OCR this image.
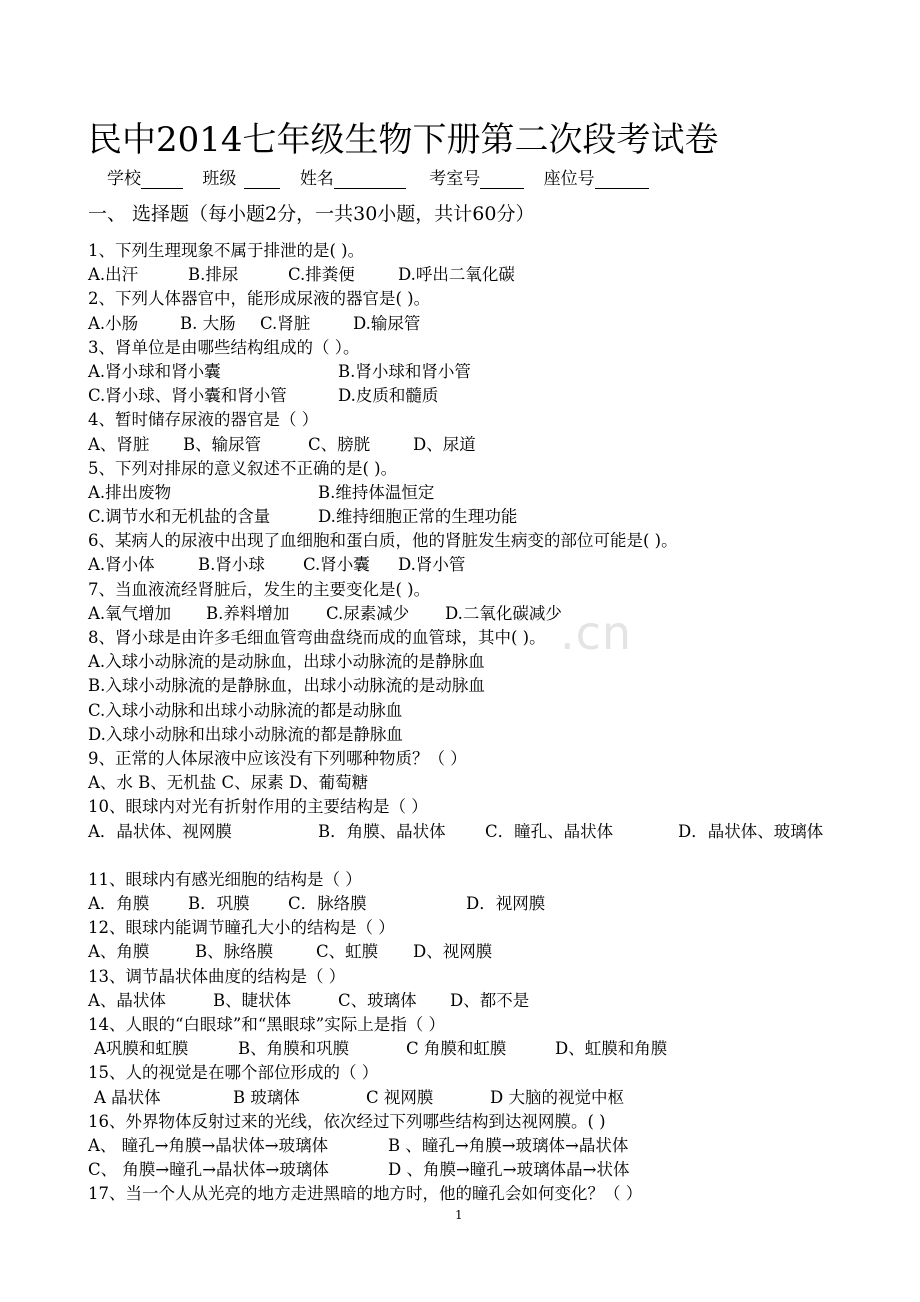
民中2014七年级生物下册第二次段考试卷
学校	班级	姓名	考室号	座位号
一、 选择题（每小题2分，一共30小题，共计60分）
.cn
1、下列生理现象不属于排泄的是( )。
A.出汗	B.排尿	C.排粪便	D.呼出二氧化碳
2、下列人体器官中，能形成尿液的器官是( )。
A.小肠	B. 大肠 C.肾脏	D.输尿管
3、肾单位是由哪些结构组成的（ ）。
A.肾小球和肾小囊	B.肾小球和肾小管
C.肾小球、肾小囊和肾小管	D.皮质和髓质
4、暂时储存尿液的器官是（ ）
A、肾脏 B、输尿管	C、膀胱	D、尿道
5、下列对排尿的意义叙述不正确的是( )。
A.排出废物	B.维持体温恒定
C.调节水和无机盐的含量	D.维持细胞正常的生理功能
6、某病人的尿液中出现了血细胞和蛋白质，他的肾脏发生病变的部位可能是( )。
A.肾小体	B.肾小球 C.肾小囊 D.肾小管
7、当血液流经肾脏后，发生的主要变化是( )。
A.氧气增加 B.养料增加 C.尿素减少 D.二氧化碳减少
8、肾小球是由许多毛细血管弯曲盘绕而成的血管球，其中( )。
A.入球小动脉流的是动脉血，出球小动脉流的是静脉血
B.入球小动脉流的是静脉血，出球小动脉流的是动脉血
C.入球小动脉和出球小动脉流的都是动脉血
D.入球小动脉和出球小动脉流的都是静脉血
9、正常的人体尿液中应该没有下列哪种物质？（ ）
A、水 B、无机盐 C、尿素 D、葡萄糖
10、眼球内对光有折射作用的主要结构是（ ）
A．晶状体、视网膜	B．角膜、晶状体 C．瞳孔、晶状体	D．晶状体、玻璃体
11、眼球内有感光细胞的结构是（ ）
A．角膜 B．巩膜 C．脉络膜	D．视网膜
12、眼球内能调节瞳孔大小的结构是（ ）
A、角膜	B、脉络膜	C、虹膜 D、视网膜
13、调节晶状体曲度的结构是（ ）
A、晶状体	B、睫状体	C、玻璃体 D、都不是
14、人眼的“白眼球”和“黑眼球”实际上是指（ ）
A巩膜和虹膜	B、角膜和巩膜	C 角膜和虹膜	D、虹膜和角膜
15、人的视觉是在哪个部位形成的（ ）
A 晶状体	B 玻璃体	C 视网膜	D 大脑的视觉中枢
16、外界物体反射过来的光线，依次经过下列哪些结构到达视网膜。( )
A、 瞳孔→角膜→晶状体→玻璃体	B 、瞳孔→角膜→玻璃体→晶状体
C、 角膜→瞳孔→晶状体→玻璃体	D 、角膜→瞳孔→玻璃体晶→状体
17、当一个人从光亮的地方走进黑暗的地方时，他的瞳孔会如何变化？（ ）
1
